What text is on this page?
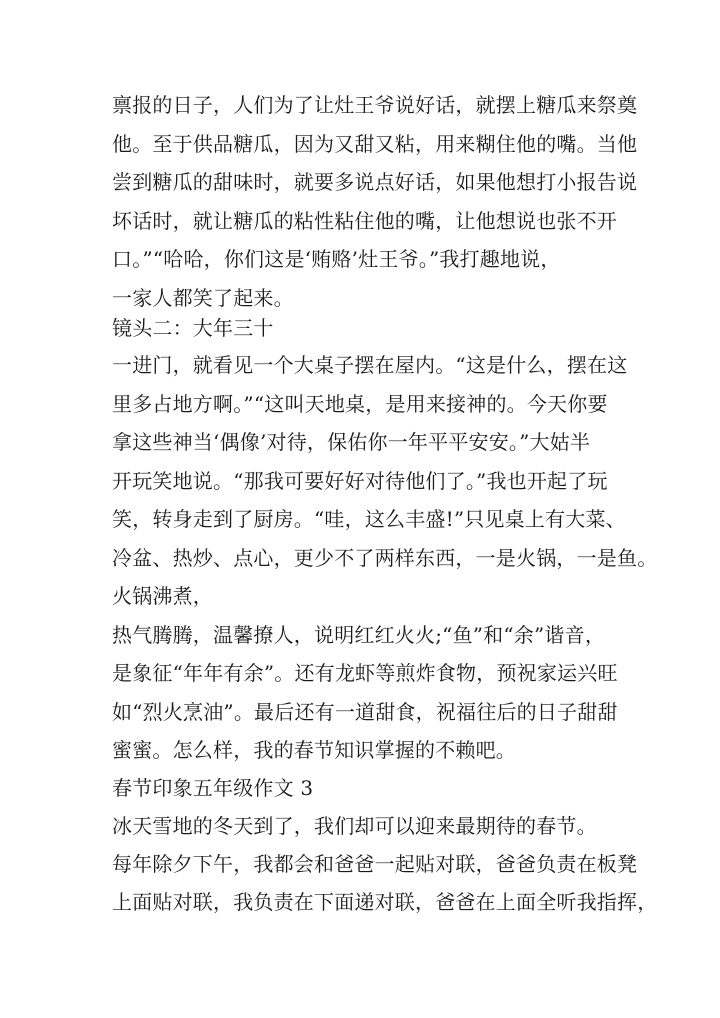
禀报的日子，人们为了让灶王爷说好话，就摆上糖瓜来祭奠
他。至于供品糖瓜，因为又甜又粘，用来糊住他的嘴。当他
尝到糖瓜的甜味时，就要多说点好话，如果他想打小报告说
坏话时，就让糖瓜的粘性粘住他的嘴，让他想说也张不开
口。”“哈哈，你们这是‘贿赂’灶王爷。”我打趣地说，
一家人都笑了起来。
镜头二：大年三十
一进门，就看见一个大桌子摆在屋内。“这是什么，摆在这
里多占地方啊。”“这叫天地桌，是用来接神的。今天你要
拿这些神当‘偶像’对待，保佑你一年平平安安。”大姑半
开玩笑地说。“那我可要好好对待他们了。”我也开起了玩
笑，转身走到了厨房。“哇，这么丰盛!”只见桌上有大菜、
冷盆、热炒、点心，更少不了两样东西，一是火锅，一是鱼。
火锅沸煮，
热气腾腾，温馨撩人，说明红红火火;“鱼”和“余”谐音，
是象征“年年有余”。还有龙虾等煎炸食物，预祝家运兴旺
如“烈火烹油”。最后还有一道甜食，祝福往后的日子甜甜
蜜蜜。怎么样，我的春节知识掌握的不赖吧。
春节印象五年级作文 3
冰天雪地的冬天到了，我们却可以迎来最期待的春节。
每年除夕下午，我都会和爸爸一起贴对联，爸爸负责在板凳
上面贴对联，我负责在下面递对联，爸爸在上面全听我指挥，
